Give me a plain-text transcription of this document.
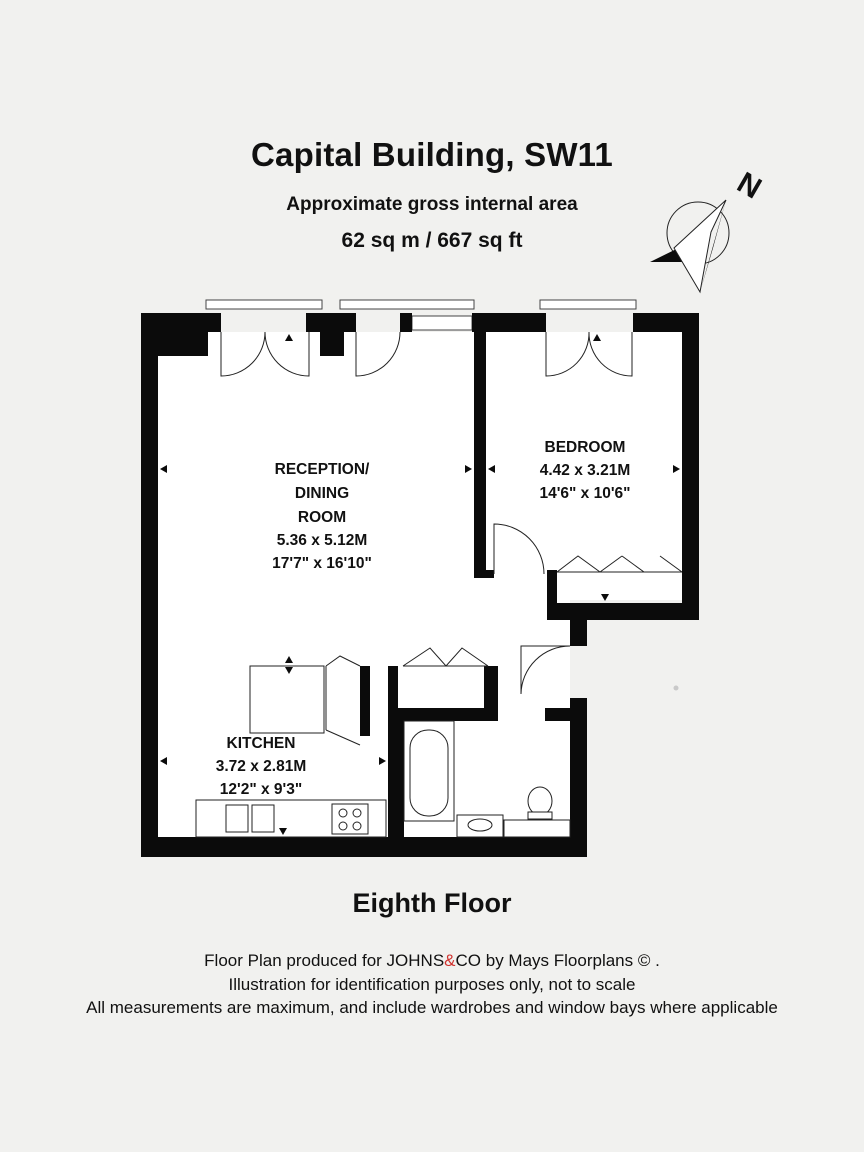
Capital Building, SW11
Approximate gross internal area
62 sq m / 667 sq ft
N
RECEPTION/
DINING
ROOM
5.36 x 5.12M
17'7" x 16'10"
BEDROOM
4.42 x 3.21M
14'6" x 10'6"
KITCHEN
3.72 x 2.81M
12'2" x 9'3"
Eighth Floor
Floor Plan produced for JOHNS&CO by Mays Floorplans © .
Illustration for identification purposes only, not to scale
All measurements are maximum, and include wardrobes and window bays where applicable
